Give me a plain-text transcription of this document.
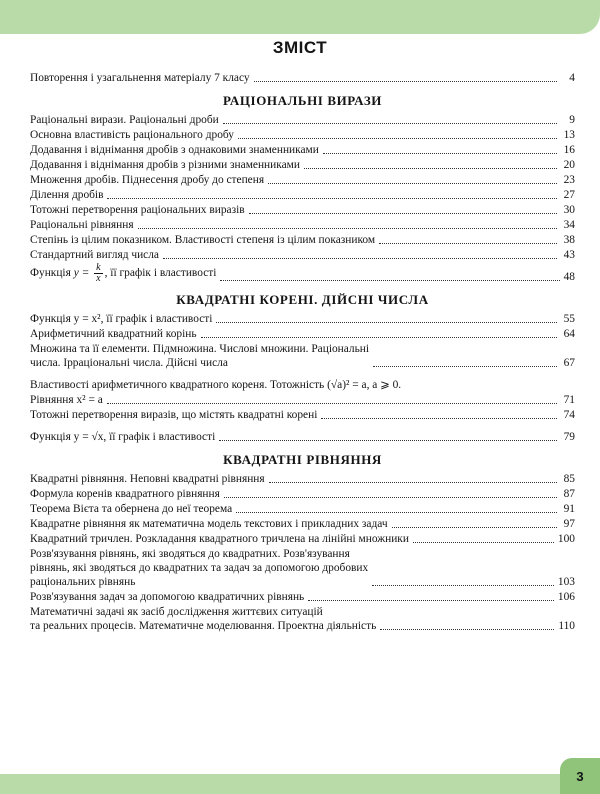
ЗМІСТ
Повторення і узагальнення матеріалу 7 класу	4
РАЦІОНАЛЬНІ ВИРАЗИ
Раціональні вирази. Раціональні дроби	9
Основна властивість раціонального дробу	13
Додавання і віднімання дробів з однаковими знаменниками	16
Додавання і віднімання дробів з різними знаменниками	20
Множення дробів. Піднесення дробу до степеня	23
Ділення дробів	27
Тотожні перетворення раціональних виразів	30
Раціональні рівняння	34
Степінь із цілим показником. Властивості степеня із цілим показником	38
Стандартний вигляд числа	43
Функція $y = \frac{k}{x}$ , її графік і властивості	48
КВАДРАТНІ КОРЕНІ. ДІЙСНІ ЧИСЛА
Функція y = x², її графік і властивості	55
Арифметичний квадратний корінь	64
Множина та її елементи. Підмножина. Числові множини. Раціональні
числа. Ірраціональні числа. Дійсні числа	67
Властивості арифметичного квадратного кореня. Тотожність (√a)² = a, a ⩾ 0.
Рівняння x² = a	71
Тотожні перетворення виразів, що містять квадратні корені	74
Функція y = √x, її графік і властивості	79
КВАДРАТНІ РІВНЯННЯ
Квадратні рівняння. Неповні квадратні рівняння	85
Формула коренів квадратного рівняння	87
Теорема Вієта та обернена до неї теорема	91
Квадратне рівняння як математична модель текстових і прикладних задач	97
Квадратний тричлен. Розкладання квадратного тричлена на лінійні множники	100
Розв'язування рівнянь, які зводяться до квадратних. Розв'язування
рівнянь, які зводяться до квадратних та задач за допомогою дробових
раціональних рівнянь	103
Розв'язування задач за допомогою квадратичних рівнянь	106
Математичні задачі як засіб дослідження життєвих ситуацій
та реальних процесів. Математичне моделювання. Проектна діяльність	110
3
